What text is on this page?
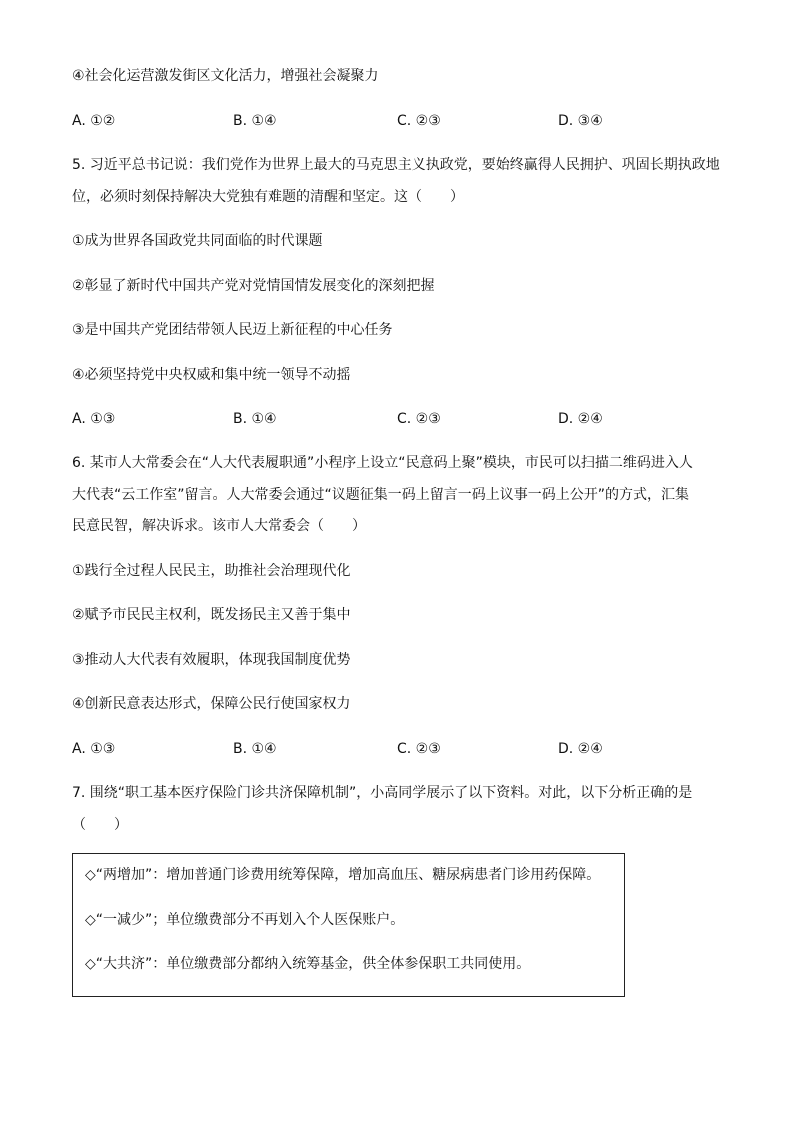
④社会化运营激发街区文化活力，增强社会凝聚力
A. ①②	B. ①④	C. ②③	D. ③④
5. 习近平总书记说：我们党作为世界上最大的马克思主义执政党，要始终赢得人民拥护、巩固长期执政地
位，必须时刻保持解决大党独有难题的清醒和坚定。这（　　）
①成为世界各国政党共同面临的时代课题
②彰显了新时代中国共产党对党情国情发展变化的深刻把握
③是中国共产党团结带领人民迈上新征程的中心任务
④必须坚持党中央权威和集中统一领导不动摇
A. ①③	B. ①④	C. ②③	D. ②④
6. 某市人大常委会在“人大代表履职通”小程序上设立“民意码上聚”模块，市民可以扫描二维码进入人
大代表“云工作室”留言。人大常委会通过“议题征集一码上留言一码上议事一码上公开”的方式，汇集
民意民智，解决诉求。该市人大常委会（　　）
①践行全过程人民民主，助推社会治理现代化
②赋予市民民主权利，既发扬民主又善于集中
③推动人大代表有效履职，体现我国制度优势
④创新民意表达形式，保障公民行使国家权力
A. ①③	B. ①④	C. ②③	D. ②④
7. 围绕“职工基本医疗保险门诊共济保障机制”，小高同学展示了以下资料。对此，以下分析正确的是
（　　）
◇“两增加”：增加普通门诊费用统筹保障，增加高血压、糖尿病患者门诊用药保障。
◇“一减少”；单位缴费部分不再划入个人医保账户。
◇“大共济”：单位缴费部分都纳入统筹基金，供全体参保职工共同使用。
